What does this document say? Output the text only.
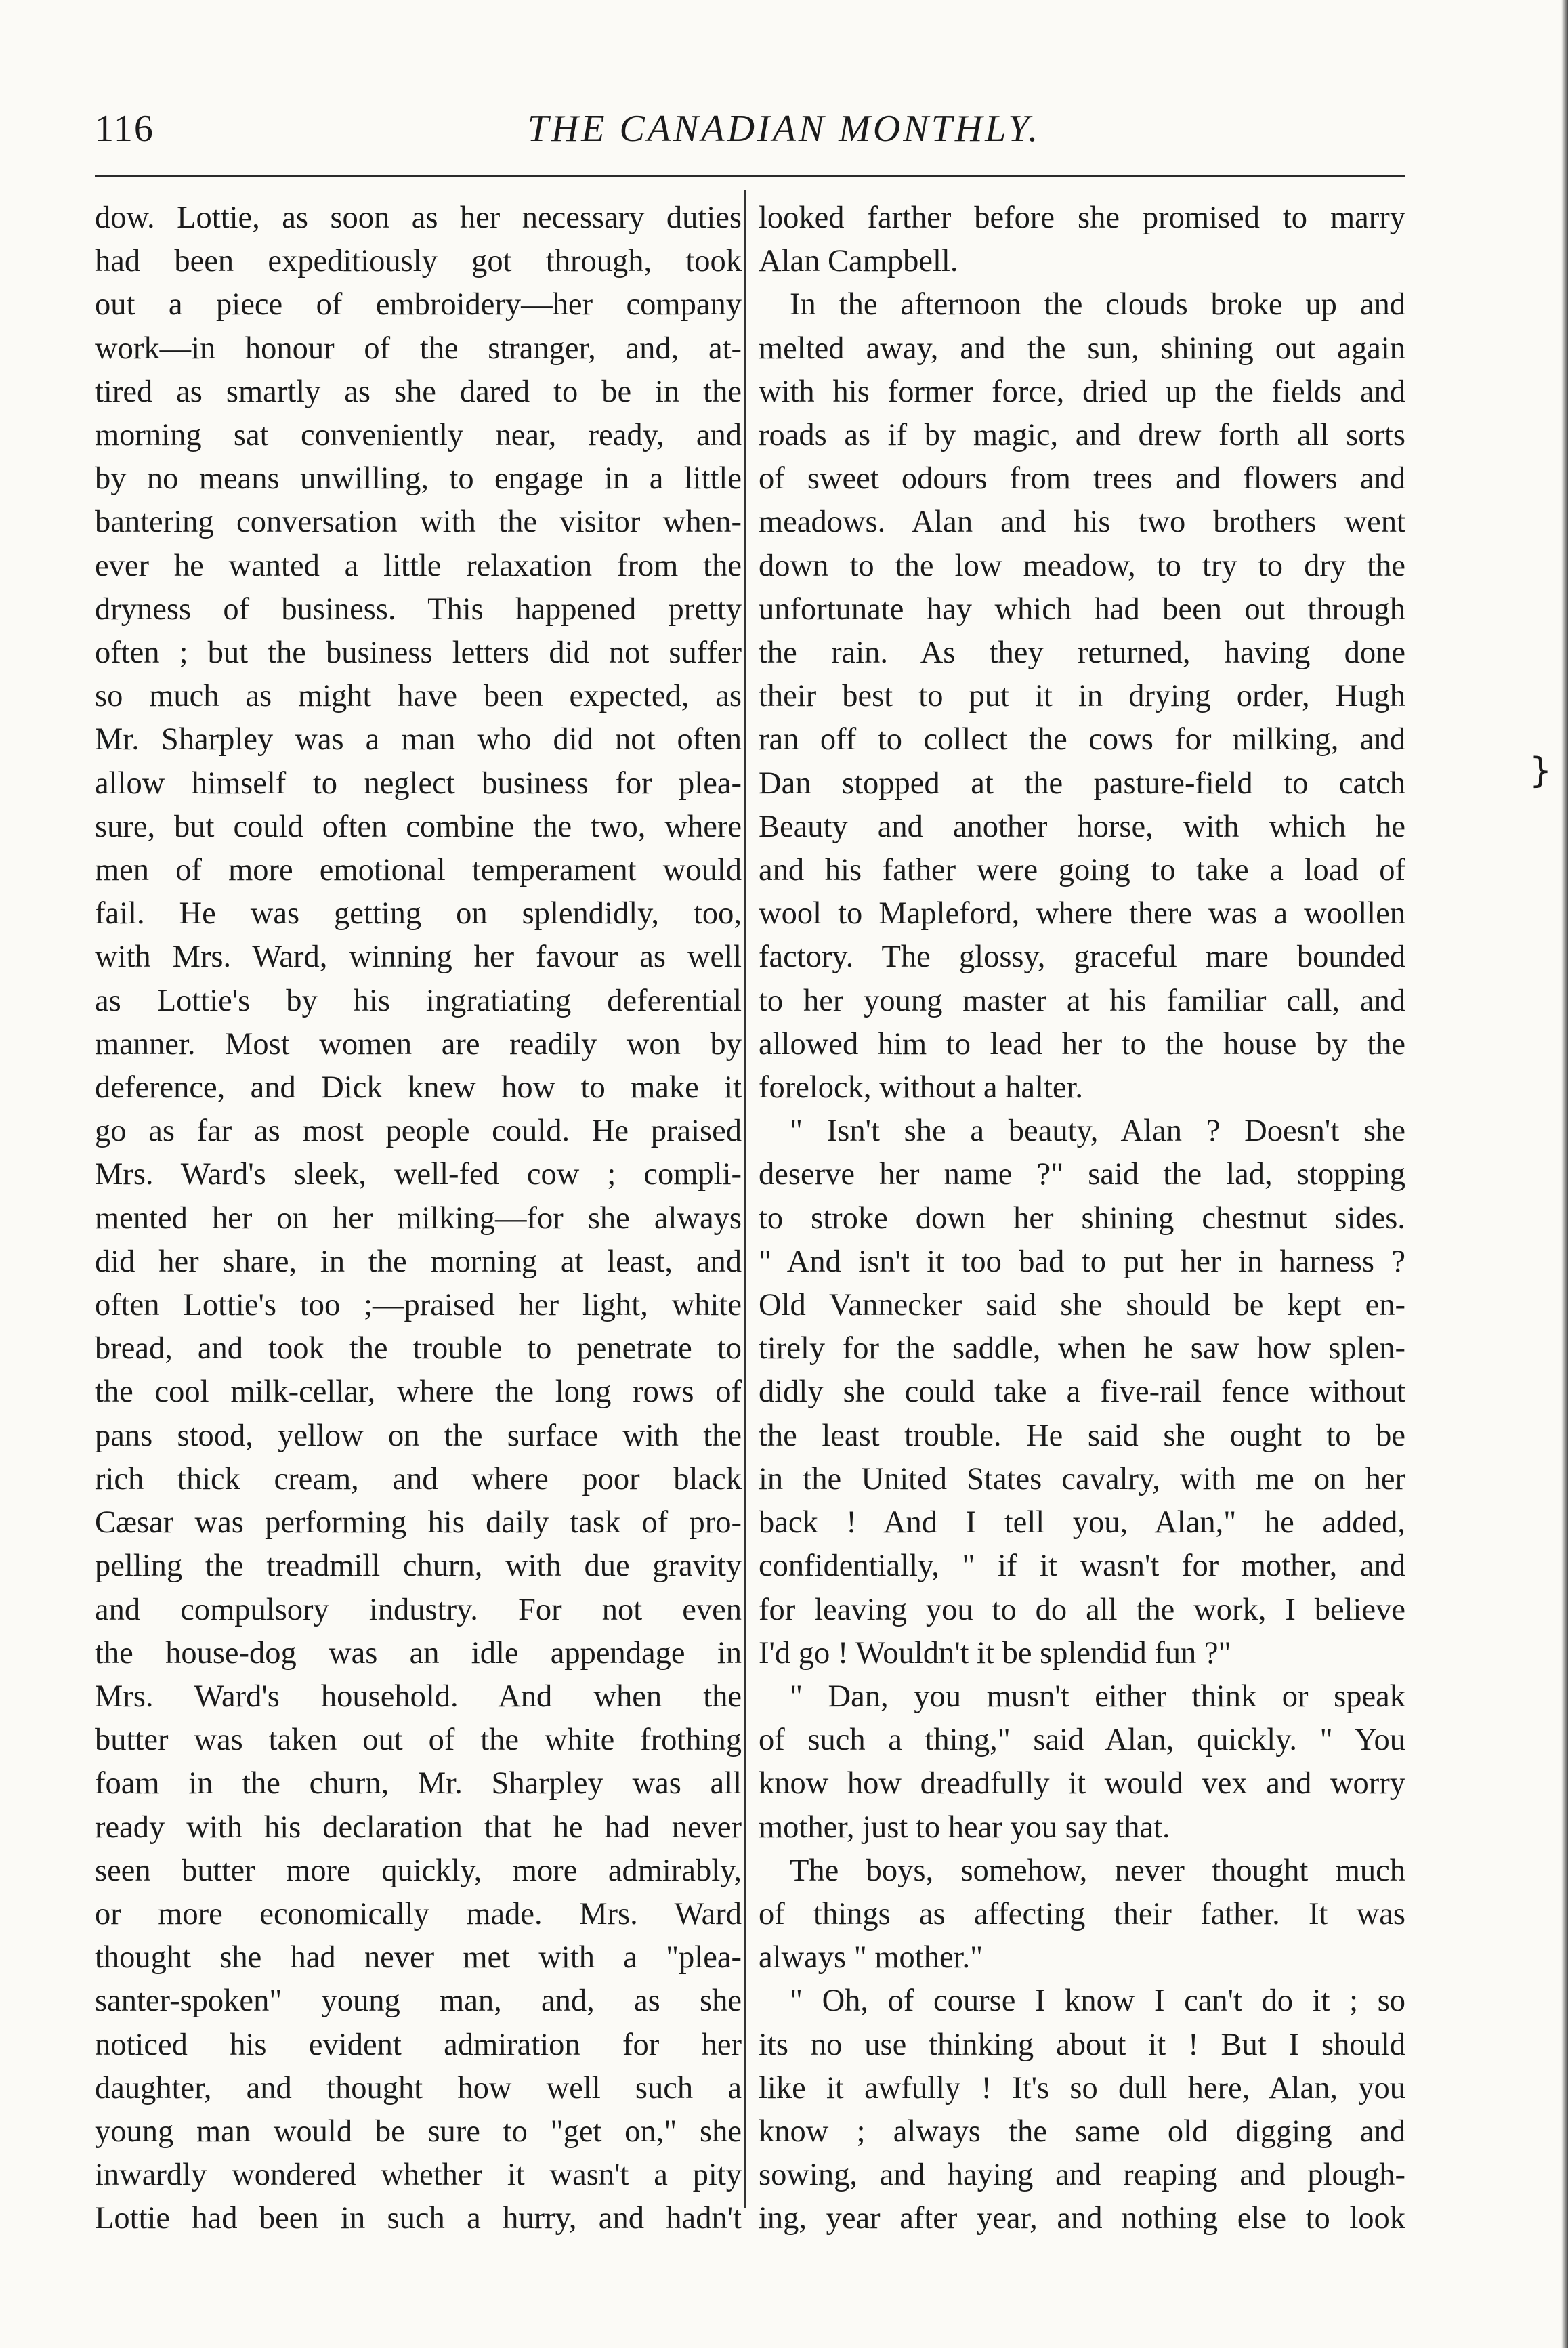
116	THE CANADIAN MONTHLY.
dow. Lottie, as soon as her necessary duties
had been expeditiously got through, took
out a piece of embroidery—her company
work—in honour of the stranger, and, at-
tired as smartly as she dared to be in the
morning sat conveniently near, ready, and
by no means unwilling, to engage in a little
bantering conversation with the visitor when-
ever he wanted a little relaxation from the
dryness of business. This happened pretty
often ; but the business letters did not suffer
so much as might have been expected, as
Mr. Sharpley was a man who did not often
allow himself to neglect business for plea-
sure, but could often combine the two, where
men of more emotional temperament would
fail. He was getting on splendidly, too,
with Mrs. Ward, winning her favour as well
as Lottie's by his ingratiating deferential
manner. Most women are readily won by
deference, and Dick knew how to make it
go as far as most people could. He praised
Mrs. Ward's sleek, well-fed cow ; compli-
mented her on her milking—for she always
did her share, in the morning at least, and
often Lottie's too ;—praised her light, white
bread, and took the trouble to penetrate to
the cool milk-cellar, where the long rows of
pans stood, yellow on the surface with the
rich thick cream, and where poor black
Cæsar was performing his daily task of pro-
pelling the treadmill churn, with due gravity
and compulsory industry. For not even
the house-dog was an idle appendage in
Mrs. Ward's household. And when the
butter was taken out of the white frothing
foam in the churn, Mr. Sharpley was all
ready with his declaration that he had never
seen butter more quickly, more admirably,
or more economically made. Mrs. Ward
thought she had never met with a "plea-
santer-spoken" young man, and, as she
noticed his evident admiration for her
daughter, and thought how well such a
young man would be sure to "get on," she
inwardly wondered whether it wasn't a pity
Lottie had been in such a hurry, and hadn't
looked farther before she promised to marry
Alan Campbell.
In the afternoon the clouds broke up and
melted away, and the sun, shining out again
with his former force, dried up the fields and
roads as if by magic, and drew forth all sorts
of sweet odours from trees and flowers and
meadows. Alan and his two brothers went
down to the low meadow, to try to dry the
unfortunate hay which had been out through
the rain. As they returned, having done
their best to put it in drying order, Hugh
ran off to collect the cows for milking, and
Dan stopped at the pasture-field to catch
Beauty and another horse, with which he
and his father were going to take a load of
wool to Mapleford, where there was a woollen
factory. The glossy, graceful mare bounded
to her young master at his familiar call, and
allowed him to lead her to the house by the
forelock, without a halter.
" Isn't she a beauty, Alan ? Doesn't she
deserve her name ?" said the lad, stopping
to stroke down her shining chestnut sides.
" And isn't it too bad to put her in harness ?
Old Vannecker said she should be kept en-
tirely for the saddle, when he saw how splen-
didly she could take a five-rail fence without
the least trouble. He said she ought to be
in the United States cavalry, with me on her
back ! And I tell you, Alan," he added,
confidentially, " if it wasn't for mother, and
for leaving you to do all the work, I believe
I'd go ! Wouldn't it be splendid fun ?"
" Dan, you musn't either think or speak
of such a thing," said Alan, quickly. " You
know how dreadfully it would vex and worry
mother, just to hear you say that.
The boys, somehow, never thought much
of things as affecting their father. It was
always " mother."
" Oh, of course I know I can't do it ; so
its no use thinking about it ! But I should
like it awfully ! It's so dull here, Alan, you
know ; always the same old digging and
sowing, and haying and reaping and plough-
ing, year after year, and nothing else to look
}
